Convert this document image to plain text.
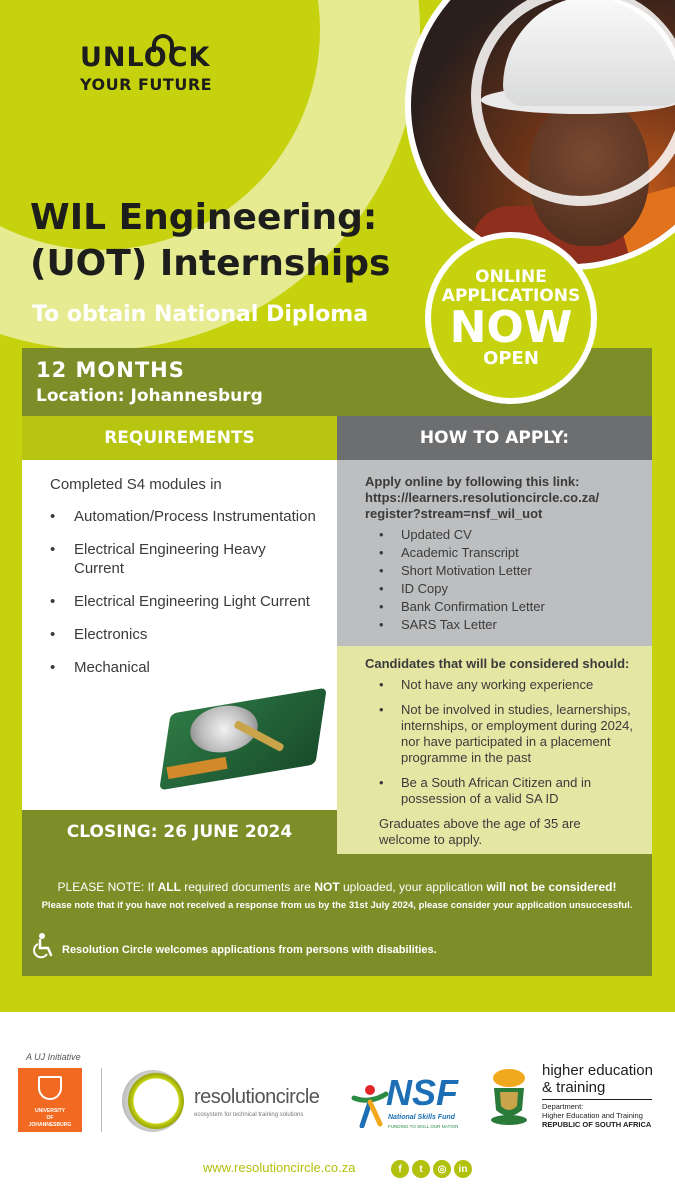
UNLOCK
YOUR FUTURE
WIL Engineering:
(UOT) Internships
To obtain National Diploma
12 MONTHS
Location: Johannesburg
ONLINE
APPLICATIONS
NOW
OPEN
REQUIREMENTS	HOW TO APPLY:
Completed S4 modules in
• Automation/Process Instrumentation
• Electrical Engineering Heavy Current
• Electrical Engineering Light Current
• Electronics
• Mechanical
CLOSING: 26 JUNE 2024
Apply online by following this link:
https://learners.resolutioncircle.co.za/
register?stream=nsf_wil_uot
• Updated CV
• Academic Transcript
• Short Motivation Letter
• ID Copy
• Bank Confirmation Letter
• SARS Tax Letter
Candidates that will be considered should:
• Not have any working experience
• Not be involved in studies, learnerships, internships, or employment during 2024, nor have participated in a placement programme in the past
• Be a South African Citizen and in possession of a valid SA ID
Graduates above the age of 35 are welcome to apply.
PLEASE NOTE: If ALL required documents are NOT uploaded, your application will not be considered!
Please note that if you have not received a response from us by the 31st July 2024, please consider your application unsuccessful.
Resolution Circle welcomes applications from persons with disabilities.
A UJ Initiative
UNIVERSITY
OF
JOHANNESBURG
resolutioncircle
ecosystem for technical training solutions
NSF
National Skills Fund
FUNDING TO SKILL OUR NATION
higher education
& training
Department:
Higher Education and Training
REPUBLIC OF SOUTH AFRICA
www.resolutioncircle.co.za	f	t	◎	in
